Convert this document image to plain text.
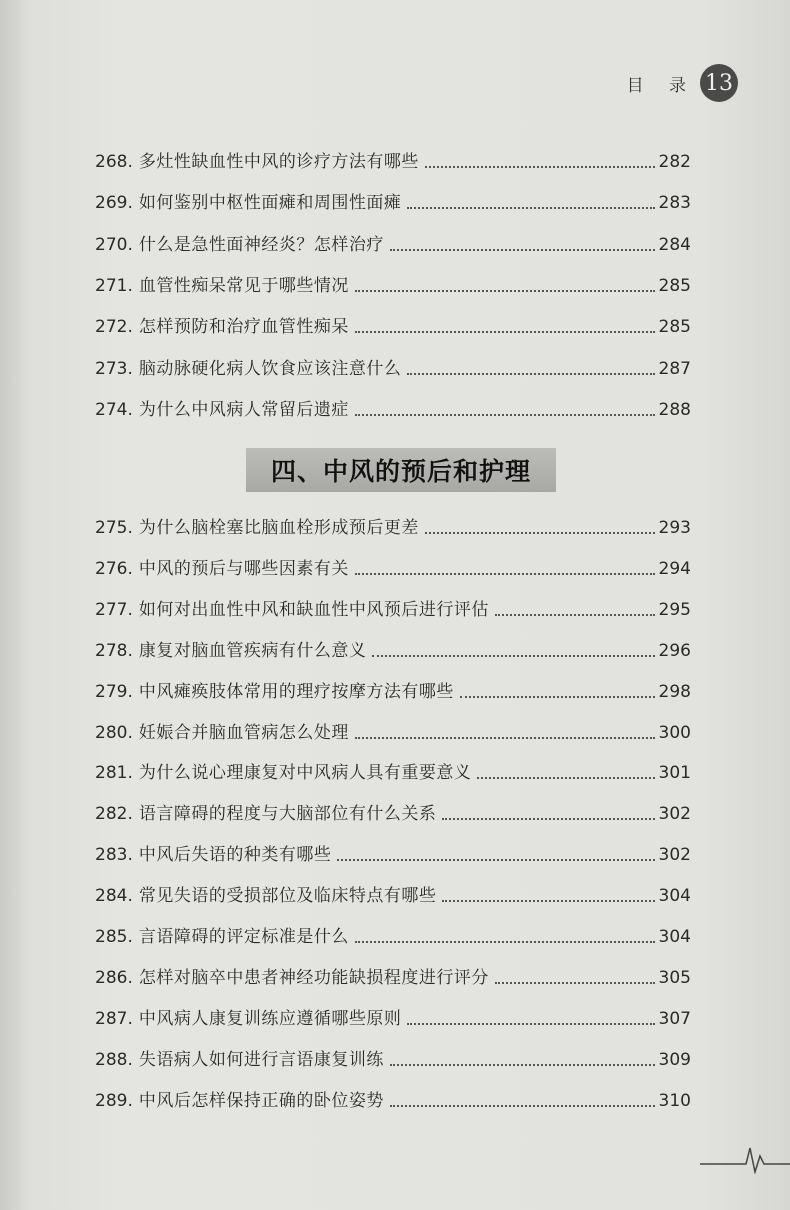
目 录 13
268. 多灶性缺血性中风的诊疗方法有哪些	282
269. 如何鉴别中枢性面瘫和周围性面瘫	283
270. 什么是急性面神经炎？怎样治疗	284
271. 血管性痴呆常见于哪些情况	285
272. 怎样预防和治疗血管性痴呆	285
273. 脑动脉硬化病人饮食应该注意什么	287
274. 为什么中风病人常留后遗症	288
四、中风的预后和护理
275. 为什么脑栓塞比脑血栓形成预后更差	293
276. 中风的预后与哪些因素有关	294
277. 如何对出血性中风和缺血性中风预后进行评估	295
278. 康复对脑血管疾病有什么意义	296
279. 中风瘫痪肢体常用的理疗按摩方法有哪些	298
280. 妊娠合并脑血管病怎么处理	300
281. 为什么说心理康复对中风病人具有重要意义	301
282. 语言障碍的程度与大脑部位有什么关系	302
283. 中风后失语的种类有哪些	302
284. 常见失语的受损部位及临床特点有哪些	304
285. 言语障碍的评定标准是什么	304
286. 怎样对脑卒中患者神经功能缺损程度进行评分	305
287. 中风病人康复训练应遵循哪些原则	307
288. 失语病人如何进行言语康复训练	309
289. 中风后怎样保持正确的卧位姿势	310
